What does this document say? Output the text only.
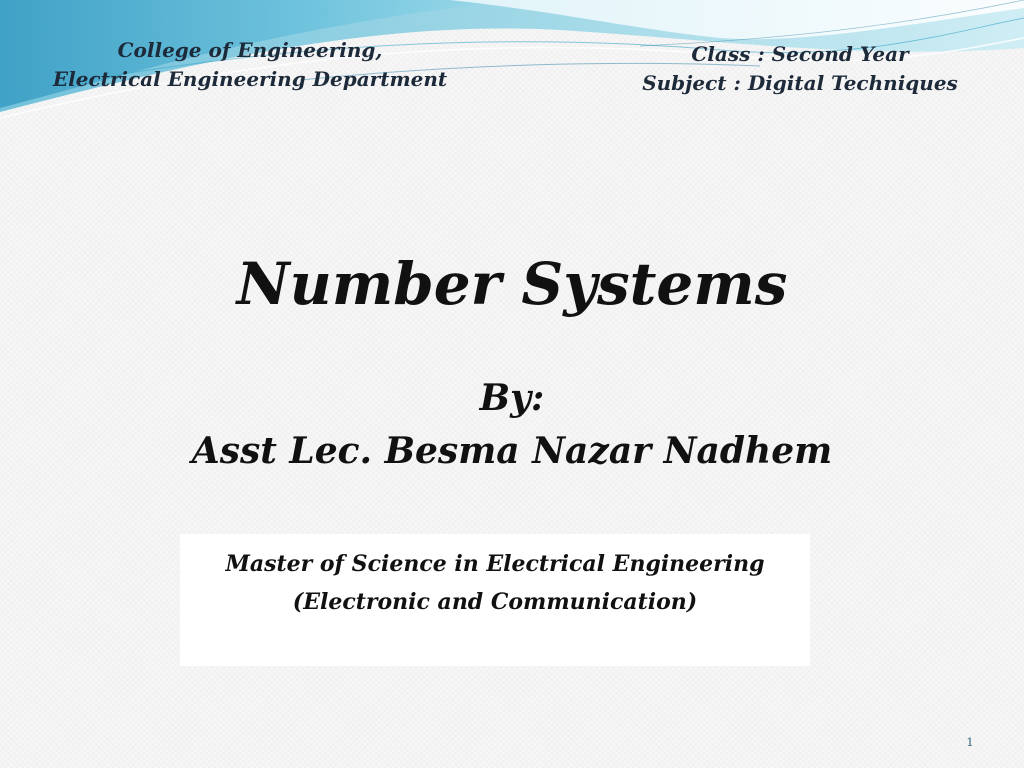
College of Engineering,
Electrical Engineering Department
Class : Second Year
Subject : Digital Techniques
Number Systems
By:
Asst Lec. Besma Nazar Nadhem
Master of Science in Electrical Engineering
(Electronic and Communication)
1
